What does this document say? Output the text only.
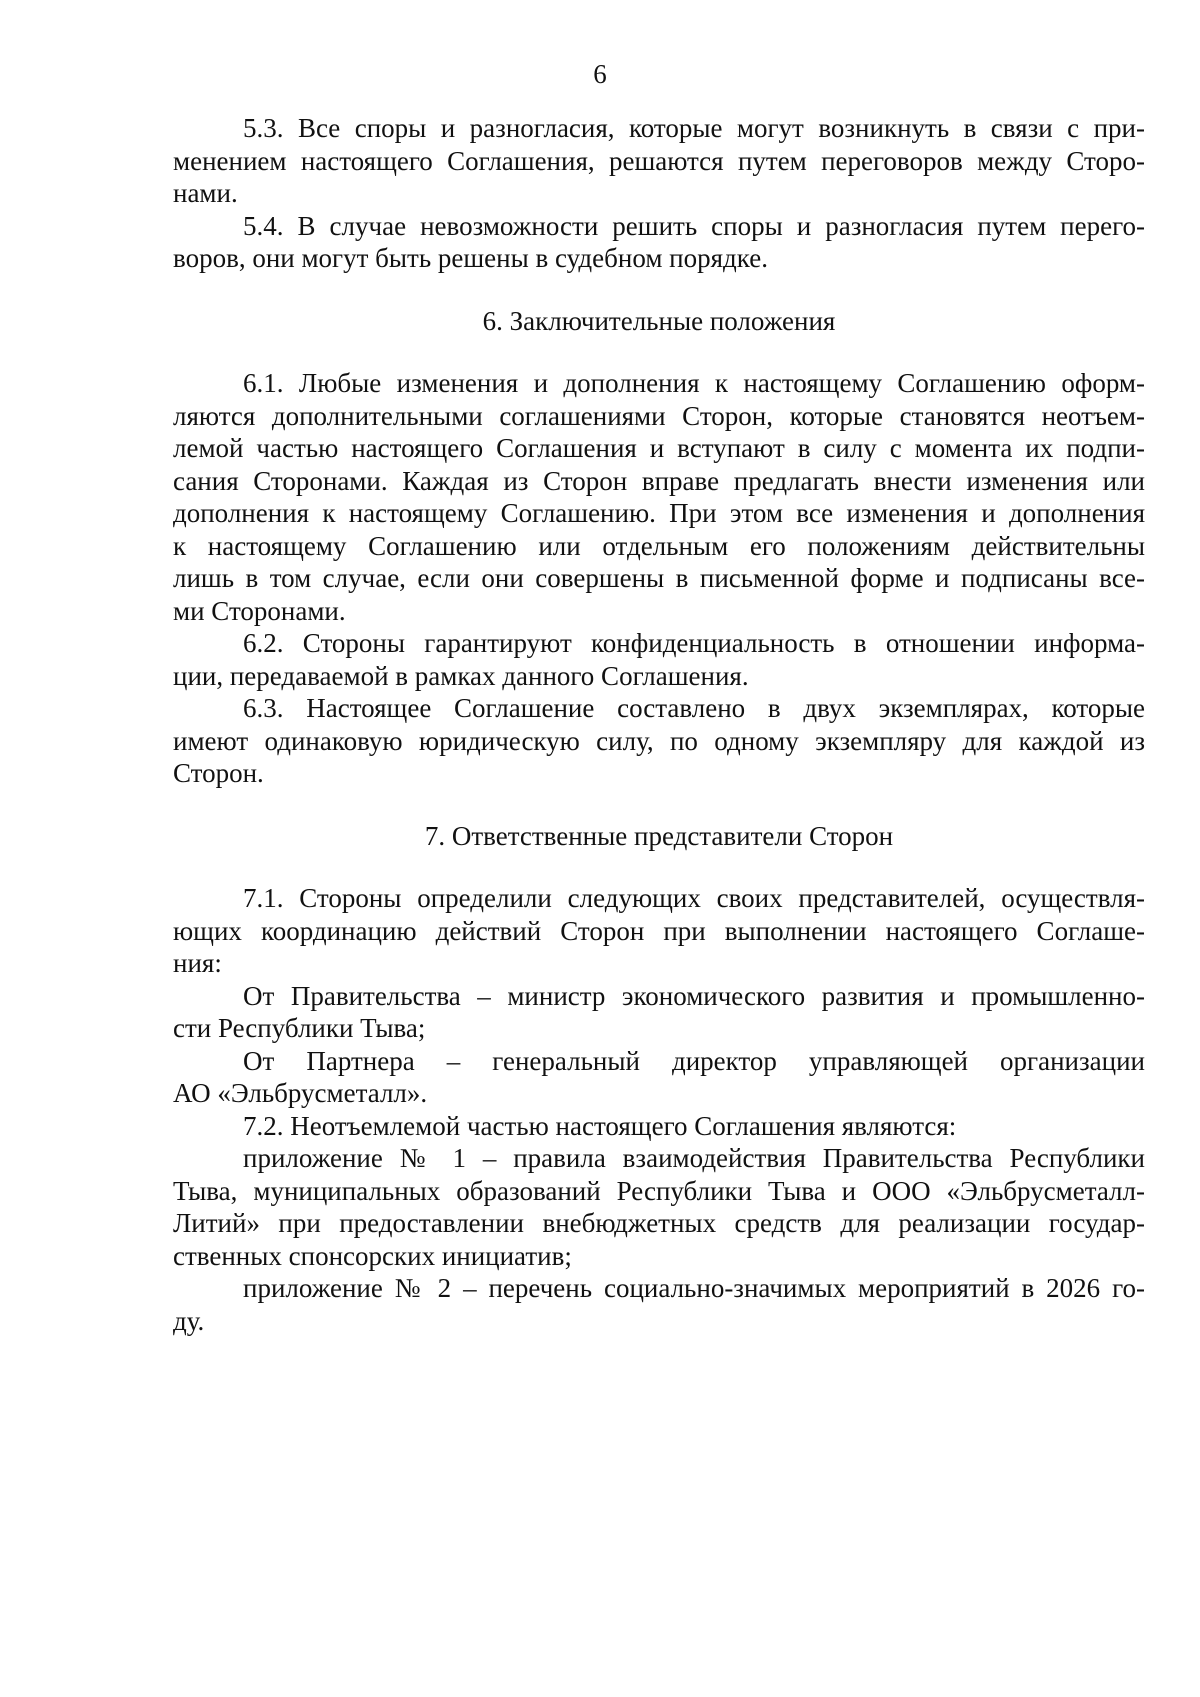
6
5.3. Все споры и разногласия, которые могут возникнуть в связи с при-
менением настоящего Соглашения, решаются путем переговоров между Сторо-
нами.
5.4. В случае невозможности решить споры и разногласия путем перего-
воров, они могут быть решены в судебном порядке.
6. Заключительные положения
6.1. Любые изменения и дополнения к настоящему Соглашению оформ-
ляются дополнительными соглашениями Сторон, которые становятся неотъем-
лемой частью настоящего Соглашения и вступают в силу с момента их подпи-
сания Сторонами. Каждая из Сторон вправе предлагать внести изменения или
дополнения к настоящему Соглашению. При этом все изменения и дополнения
к настоящему Соглашению или отдельным его положениям действительны
лишь в том случае, если они совершены в письменной форме и подписаны все-
ми Сторонами.
6.2. Стороны гарантируют конфиденциальность в отношении информа-
ции, передаваемой в рамках данного Соглашения.
6.3. Настоящее Соглашение составлено в двух экземплярах, которые
имеют одинаковую юридическую силу, по одному экземпляру для каждой из
Сторон.
7. Ответственные представители Сторон
7.1. Стороны определили следующих своих представителей, осуществля-
ющих координацию действий Сторон при выполнении настоящего Соглаше-
ния:
От Правительства – министр экономического развития и промышленно-
сти Республики Тыва;
От Партнера – генеральный директор управляющей организации
АО «Эльбрусметалл».
7.2. Неотъемлемой частью настоящего Соглашения являются:
приложение № 1 – правила взаимодействия Правительства Республики
Тыва, муниципальных образований Республики Тыва и ООО «Эльбрусметалл-
Литий» при предоставлении внебюджетных средств для реализации государ-
ственных спонсорских инициатив;
приложение № 2 – перечень социально-значимых мероприятий в 2026 го-
ду.
